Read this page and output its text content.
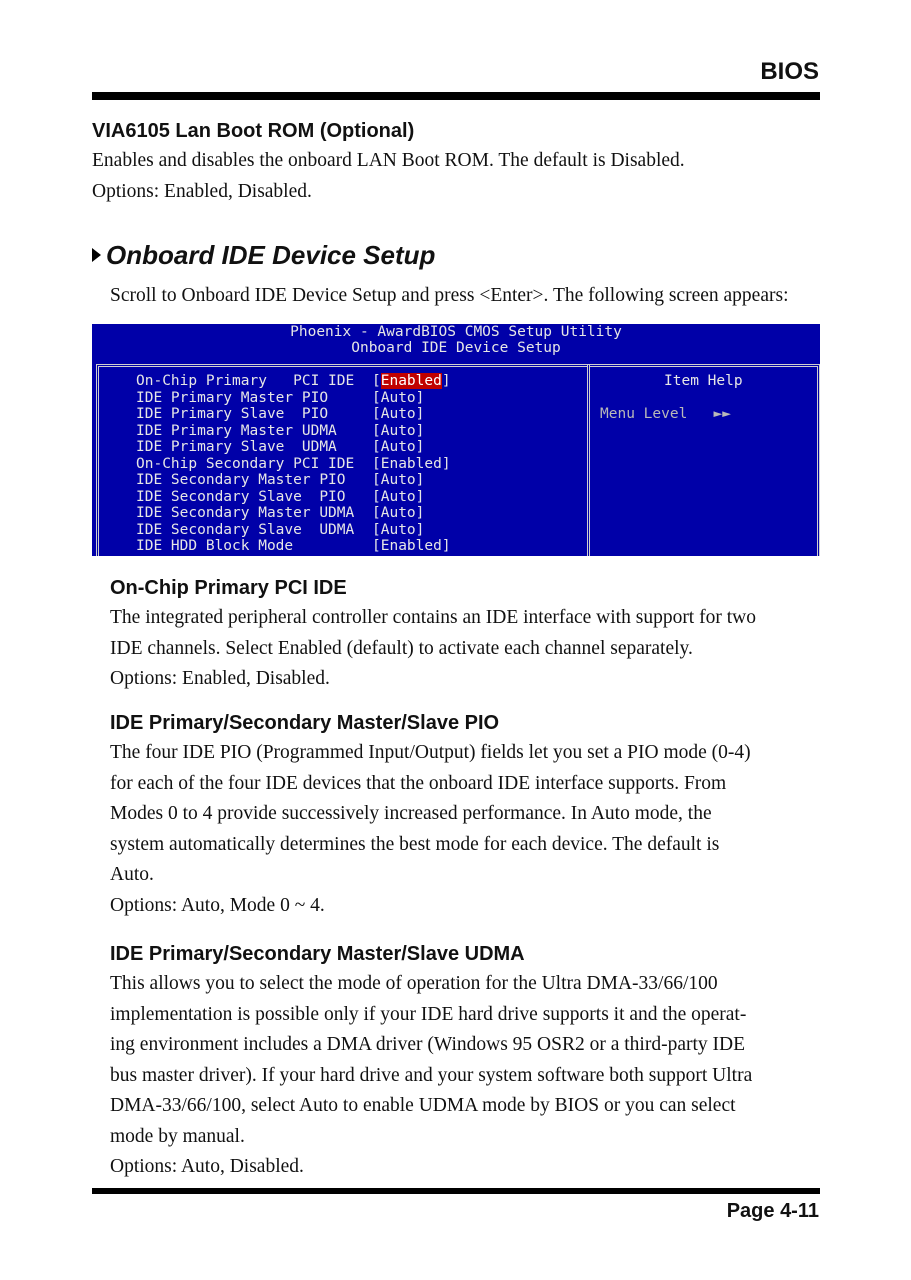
BIOS
VIA6105 Lan Boot ROM (Optional)
Enables and disables the onboard LAN Boot ROM. The default is Disabled.
Options: Enabled, Disabled.
Onboard IDE Device Setup
Scroll to Onboard IDE Device Setup and press <Enter>. The following screen appears:
Phoenix - AwardBIOS CMOS Setup Utility
Onboard IDE Device Setup
On-Chip Primary   PCI IDE [Enabled]
IDE Primary Master PIO	[Auto]
IDE Primary Slave  PIO	[Auto]
IDE Primary Master UDMA [Auto]
IDE Primary Slave  UDMA [Auto]
On-Chip Secondary PCI IDE [Enabled]
IDE Secondary Master PIO [Auto]
IDE Secondary Slave  PIO [Auto]
IDE Secondary Master UDMA [Auto]
IDE Secondary Slave  UDMA [Auto]
IDE HDD Block Mode	[Enabled]
Item Help
Menu Level ►►
On-Chip Primary PCI IDE
The integrated peripheral controller contains an IDE interface with support for two
IDE channels. Select Enabled (default) to activate each channel separately.
Options: Enabled, Disabled.
IDE Primary/Secondary Master/Slave PIO
The four IDE PIO (Programmed Input/Output) fields let you set a PIO mode (0-4)
for each of the four IDE devices that the onboard IDE interface supports. From
Modes 0 to 4 provide successively increased performance. In Auto mode, the
system automatically determines the best mode for each device. The default is
Auto.
Options: Auto, Mode 0 ~ 4.
IDE Primary/Secondary Master/Slave UDMA
This allows you to select the mode of operation for the Ultra DMA-33/66/100
implementation is possible only if your IDE hard drive supports it and the operat-
ing environment includes a DMA driver (Windows 95 OSR2 or a third-party IDE
bus master driver). If your hard drive and your system software both support Ultra
DMA-33/66/100, select Auto to enable UDMA mode by BIOS or you can select
mode by manual.
Options: Auto, Disabled.
Page 4-11
